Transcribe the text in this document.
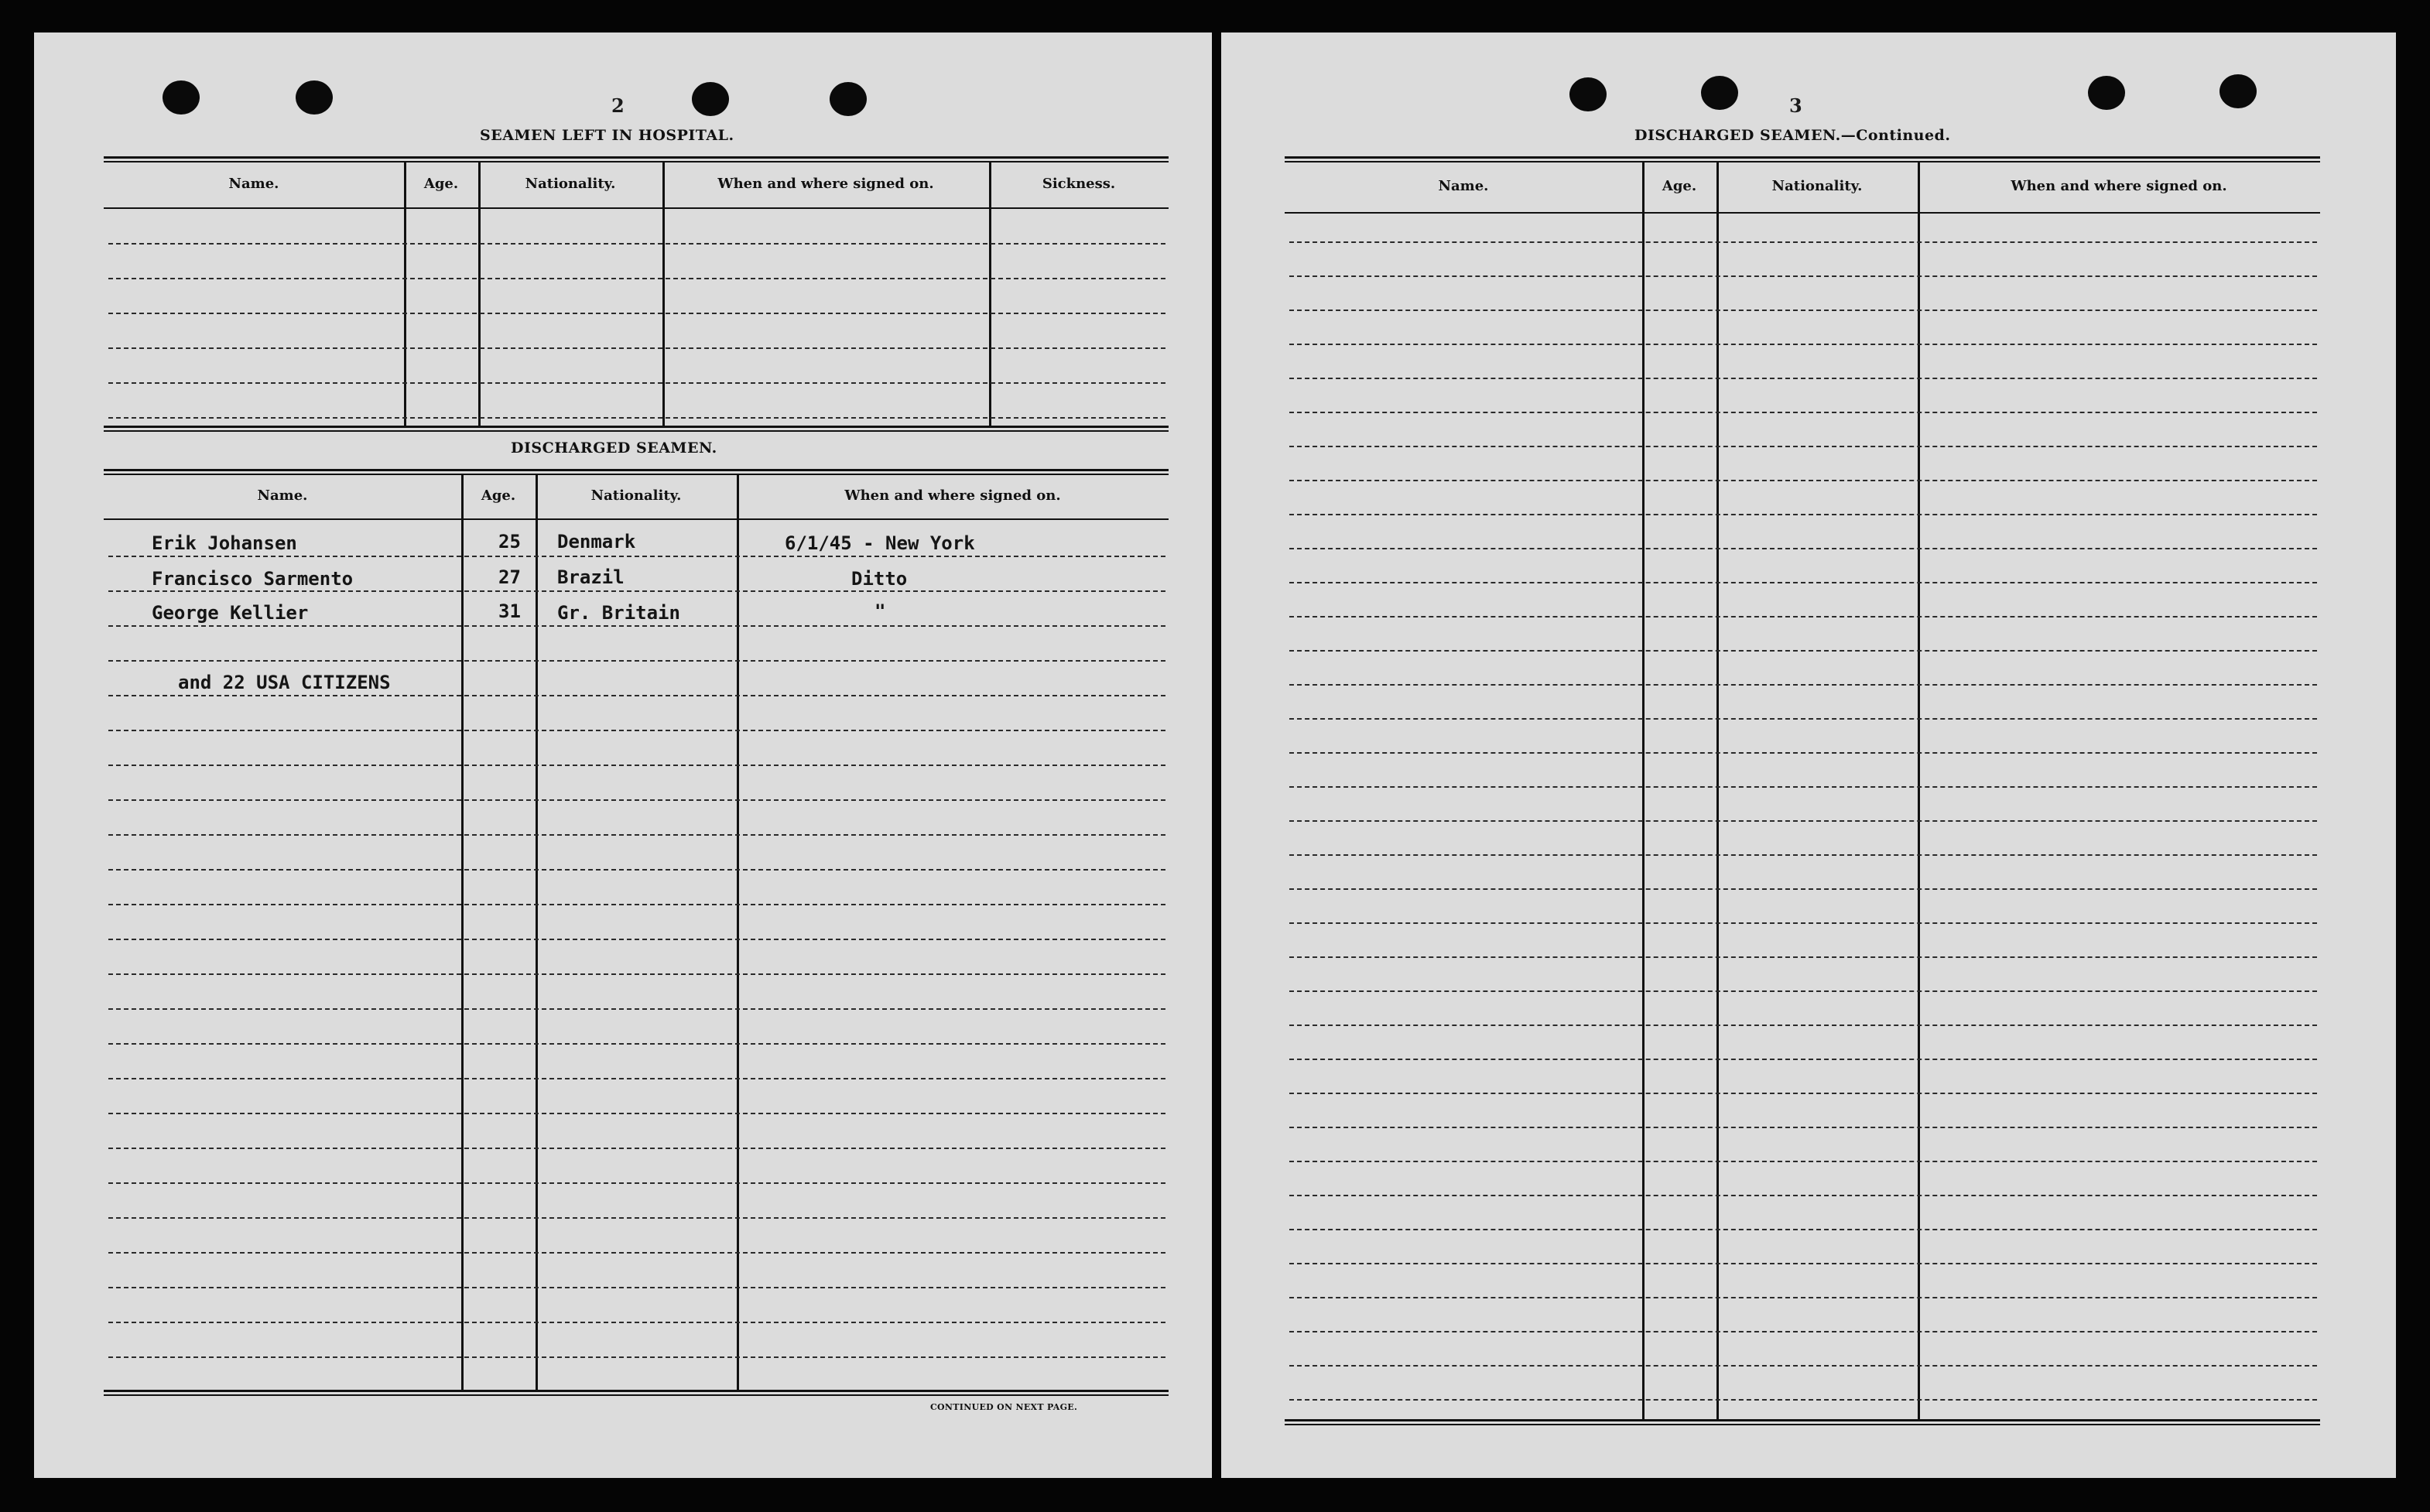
2
SEAMEN LEFT IN HOSPITAL.
Name.	Age.	Nationality.	When and where signed on.	Sickness.
DISCHARGED SEAMEN.
Name.	Age.	Nationality.	When and where signed on.
Erik Johansen	25 Denmark	6/1/45 - New York
Francisco Sarmento	27 Brazil	Ditto
George Kellier	31 Gr. Britain	"
and 22 USA CITIZENS
CONTINUED ON NEXT PAGE.
3
DISCHARGED SEAMEN.—Continued.
Name.	Age.	Nationality.	When and where signed on.
